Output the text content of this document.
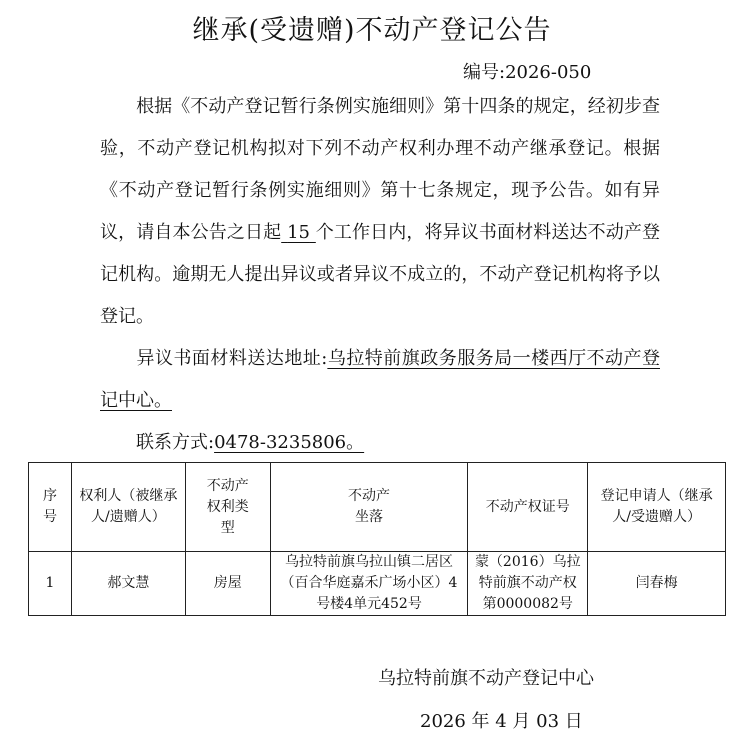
继承(受遗赠)不动产登记公告
编号:2026-050
根据《不动产登记暂行条例实施细则》第十四条的规定，经初步查验，不动产登记机构拟对下列不动产权利办理不动产继承登记。根据《不动产登记暂行条例实施细则》第十七条规定，现予公告。如有异议，请自本公告之日起 15 个工作日内，将异议书面材料送达不动产登记机构。逾期无人提出异议或者异议不成立的，不动产登记机构将予以登记。
异议书面材料送达地址:乌拉特前旗政务服务局一楼西厅不动产登记中心。
联系方式:0478-3235806。
序号	权利人（被继承人/遗赠人）	不动产权利类型	不动产坐落	不动产权证号	登记申请人（继承人/受遗赠人）
1	郝文慧	房屋	乌拉特前旗乌拉山镇二居区（百合华庭嘉禾广场小区）4号楼4单元452号	蒙（2016）乌拉特前旗不动产权第0000082号	闫春梅
乌拉特前旗不动产登记中心
2026 年 4 月 03 日
